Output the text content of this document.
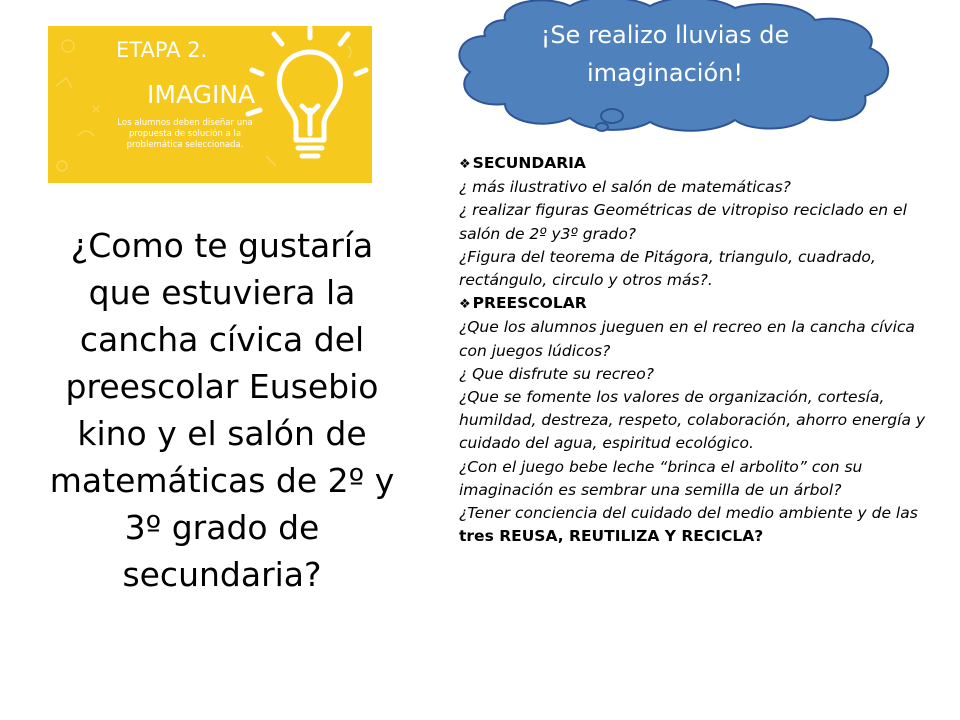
ETAPA 2.
IMAGINA
Los alumnos deben diseñar una propuesta de solución a la problemática seleccionada.
¿Como te gustaría que estuviera la cancha cívica del preescolar Eusebio kino y el salón de matemáticas de 2º y 3º grado de secundaria?
¡Se realizo lluvias de
imaginación!

❖ SECUNDARIA

¿ más ilustrativo el salón de matemáticas?

¿ realizar figuras Geométricas de vitropiso reciclado en el salón de 2º y3º grado?

¿Figura del teorema de Pitágora, triangulo, cuadrado, rectángulo, circulo y otros más?.

❖ PREESCOLAR

¿Que los alumnos jueguen en el recreo en la cancha cívica con juegos lúdicos?

¿ Que disfrute su recreo?

¿Que se fomente los valores de organización, cortesía, humildad, destreza, respeto, colaboración, ahorro energía y cuidado del agua, espiritud ecológico.

¿Con el juego bebe leche “brinca el arbolito” con su imaginación es sembrar una semilla de un árbol?

¿Tener conciencia del cuidado del medio ambiente y de las tres REUSA, REUTILIZA Y RECICLA?
